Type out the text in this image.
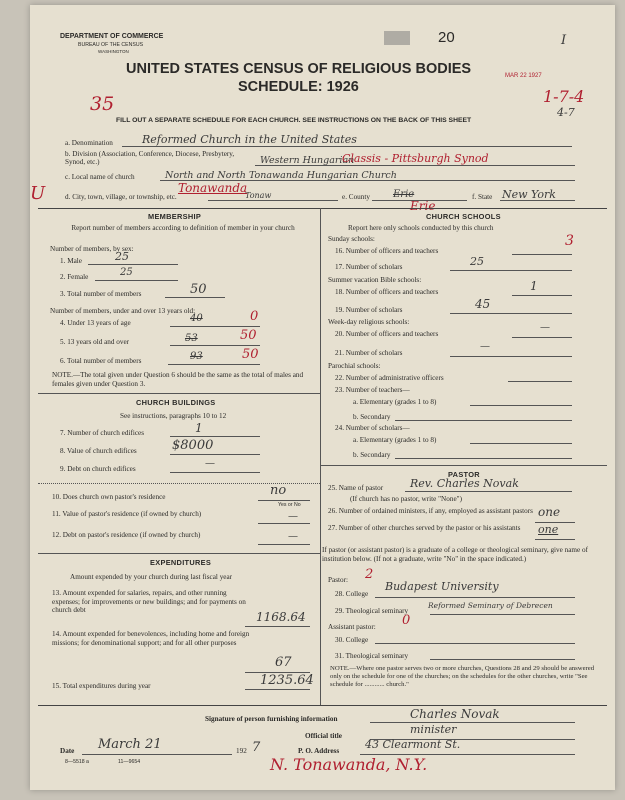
DEPARTMENT OF COMMERCE
BUREAU OF THE CENSUS
WASHINGTON
20	I
UNITED STATES CENSUS OF RELIGIOUS BODIES
SCHEDULE: 1926
MAR 22 1927
35	1-7-4
4-7
FILL OUT A SEPARATE SCHEDULE FOR EACH CHURCH. SEE INSTRUCTIONS ON THE BACK OF THIS SHEET
a. Denomination	Reformed Church in the United States
b. Division (Association, Conference, Diocese, Presbytery, Synod, etc.)	Western Hungarian
Classis - Pittsburgh Synod
c. Local name of church	North and North Tonawanda Hungarian Church
U	d. City, town, village, or township, etc.
Tonawanda
Tonaw	e. County Erie
Erie
f. State New York
MEMBERSHIP
Report number of members according to definition of member in your church
Number of members, by sex:
1. Male	25
2. Female	25
3. Total number of members	50
Number of members, under and over 13 years old:
4. Under 13 years of age	40	0
5. 13 years old and over	53	50
6. Total number of members	93	50
NOTE.—The total given under Question 6 should be the same as the total of males and females given under Question 3.
CHURCH BUILDINGS
See instructions, paragraphs 10 to 12
7. Number of church edifices	1
8. Value of church edifices	$8000
9. Debt on church edifices	—
10. Does church own pastor's residence	no
Yes or No
11. Value of pastor's residence (if owned by church)	—
12. Debt on pastor's residence (if owned by church)	—
EXPENDITURES
Amount expended by your church during last fiscal year
13. Amount expended for salaries, repairs, and other running expenses; for improvements or new buildings; and for payments on church debt	1168.64
14. Amount expended for benevolences, including home and foreign missions; for denominational support; and for all other purposes
67
15. Total expenditures during year	1235.64
CHURCH SCHOOLS
Report here only schools conducted by this church
Sunday schools:
16. Number of officers and teachers
3
17. Number of scholars	25
Summer vacation Bible schools:
18. Number of officers and teachers	1
19. Number of scholars	45
Week-day religious schools:
20. Number of officers and teachers
—
21. Number of scholars
—
Parochial schools:
22. Number of administrative officers
23. Number of teachers—
a. Elementary (grades 1 to 8)
b. Secondary
24. Number of scholars—
a. Elementary (grades 1 to 8)
b. Secondary
PASTOR
25. Name of pastor Rev. Charles Novak
(If church has no pastor, write "None")
26. Number of ordained ministers, if any, employed as assistant pastors one
27. Number of other churches served by the pastor or his assistants	one
If pastor (or assistant pastor) is a graduate of a college or theological seminary, give name of institution below. (If not a graduate, write "No" in the space indicated.)
Pastor: 2
28. College
Budapest University
29. Theological seminary
Reformed Seminary of Debrecen
Assistant pastor: 0
30. College
31. Theological seminary
NOTE.—Where one pastor serves two or more churches, Questions 28 and 29 should be answered only on the schedule for one of the churches; on the schedules for the other churches, write "See schedule for ............ church."
Signature of person furnishing information	Charles Novak
Official title	minister
Date March 21	192 7	P. O. Address 43 Clearmont St.
N. Tonawanda, N.Y.
8—5518 a	11—9654
